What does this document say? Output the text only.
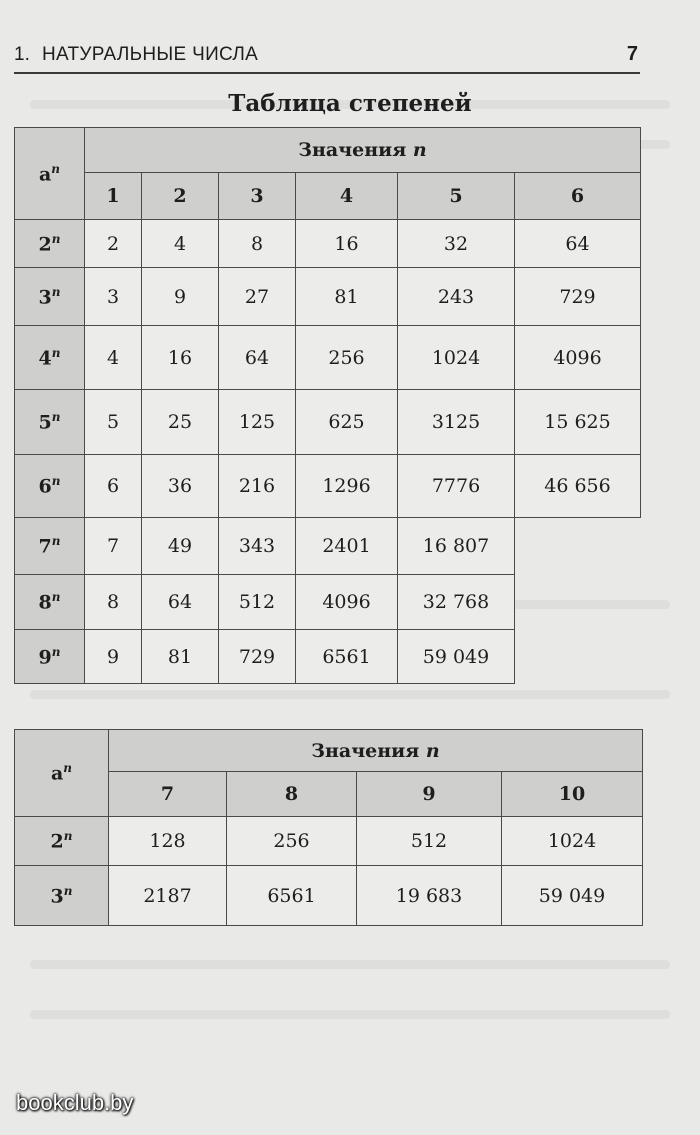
1. НАТУРАЛЬНЫЕ ЧИСЛА	7
Таблица степеней
$a^n$	Значения n					
	1	2	3	4	5	6
2$^n$	2	4	8	16	32	64
3$^n$	3	9	27	81	243	729
4$^n$	4	16	64	256	1024	4096
5$^n$	5	25	125	625	3125	15 625
6$^n$	6	36	216	1296	7776	46 656
7$^n$	7	49	343	2401	16 807	
8$^n$	8	64	512	4096	32 768	
9$^n$	9	81	729	6561	59 049	
$a^n$	Значения n			
	7	8	9	10
2$^n$	128	256	512	1024
3$^n$	2187	6561	19 683	59 049
bookclub.by
